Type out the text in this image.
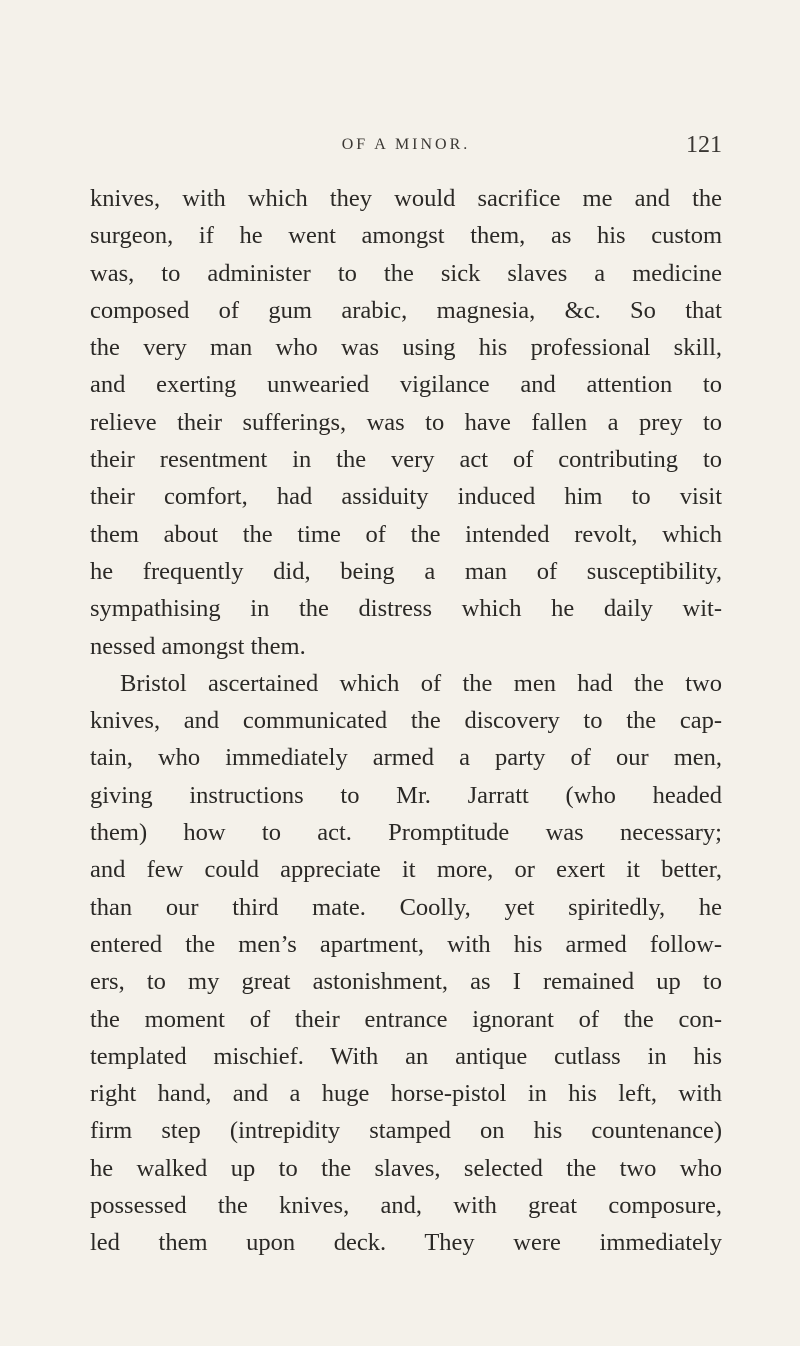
OF A MINOR.	121
knives, with which they would sacrifice me and the
surgeon, if he went amongst them, as his custom
was, to administer to the sick slaves a medicine
composed of gum arabic, magnesia, &c. So that
the very man who was using his professional skill,
and exerting unwearied vigilance and attention to
relieve their sufferings, was to have fallen a prey to
their resentment in the very act of contributing to
their comfort, had assiduity induced him to visit
them about the time of the intended revolt, which
he frequently did, being a man of susceptibility,
sympathising in the distress which he daily wit-
nessed amongst them.
Bristol ascertained which of the men had the two
knives, and communicated the discovery to the cap-
tain, who immediately armed a party of our men,
giving instructions to Mr. Jarratt (who headed
them) how to act. Promptitude was necessary;
and few could appreciate it more, or exert it better,
than our third mate. Coolly, yet spiritedly, he
entered the men’s apartment, with his armed follow-
ers, to my great astonishment, as I remained up to
the moment of their entrance ignorant of the con-
templated mischief. With an antique cutlass in his
right hand, and a huge horse-pistol in his left, with
firm step (intrepidity stamped on his countenance)
he walked up to the slaves, selected the two who
possessed the knives, and, with great composure,
led them upon deck. They were immediately
